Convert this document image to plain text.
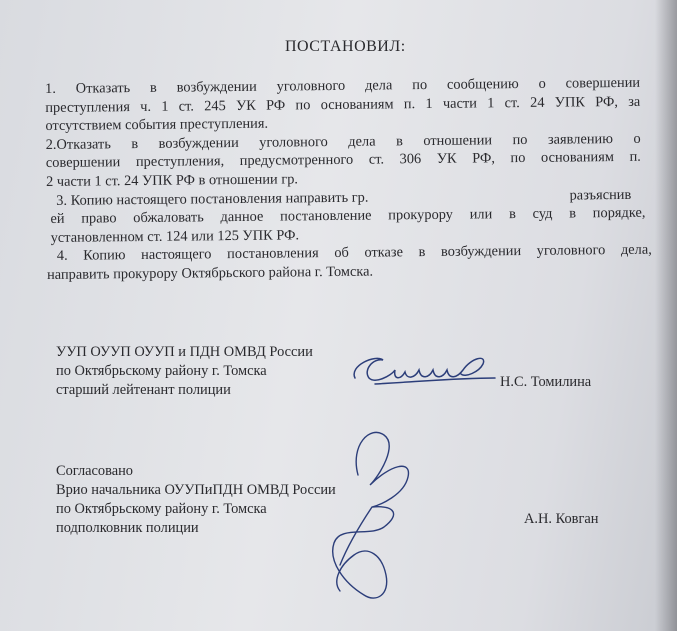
ПОСТАНОВИЛ:
1. Отказать в возбуждении уголовного дела по сообщению о совершении
преступления ч. 1 ст. 245 УК РФ по основаниям п. 1 части 1 ст. 24 УПК РФ, за
отсутствием события преступления.
2.Отказать в возбуждении уголовного дела в отношении по заявлению о
совершении преступления, предусмотренного ст. 306 УК РФ, по основаниям п.
2 части 1 ст. 24 УПК РФ в отношении гр.
3. Копию настоящего постановления направить гр.	разъяснив
ей право обжаловать данное постановление прокурору или в суд в порядке,
установленном ст. 124 или 125 УПК РФ.
4. Копию настоящего постановления об отказе в возбуждении уголовного дела,
направить прокурору Октябрьского района г. Томска.
УУП ОУУП ОУУП и ПДН ОМВД России
по Октябрьскому району г. Томска
старший лейтенант полиции	Н.С. Томилина
Согласовано
Врио начальника ОУУПиПДН ОМВД России
по Октябрьскому району г. Томска
подполковник полиции
А.Н. Ковган
